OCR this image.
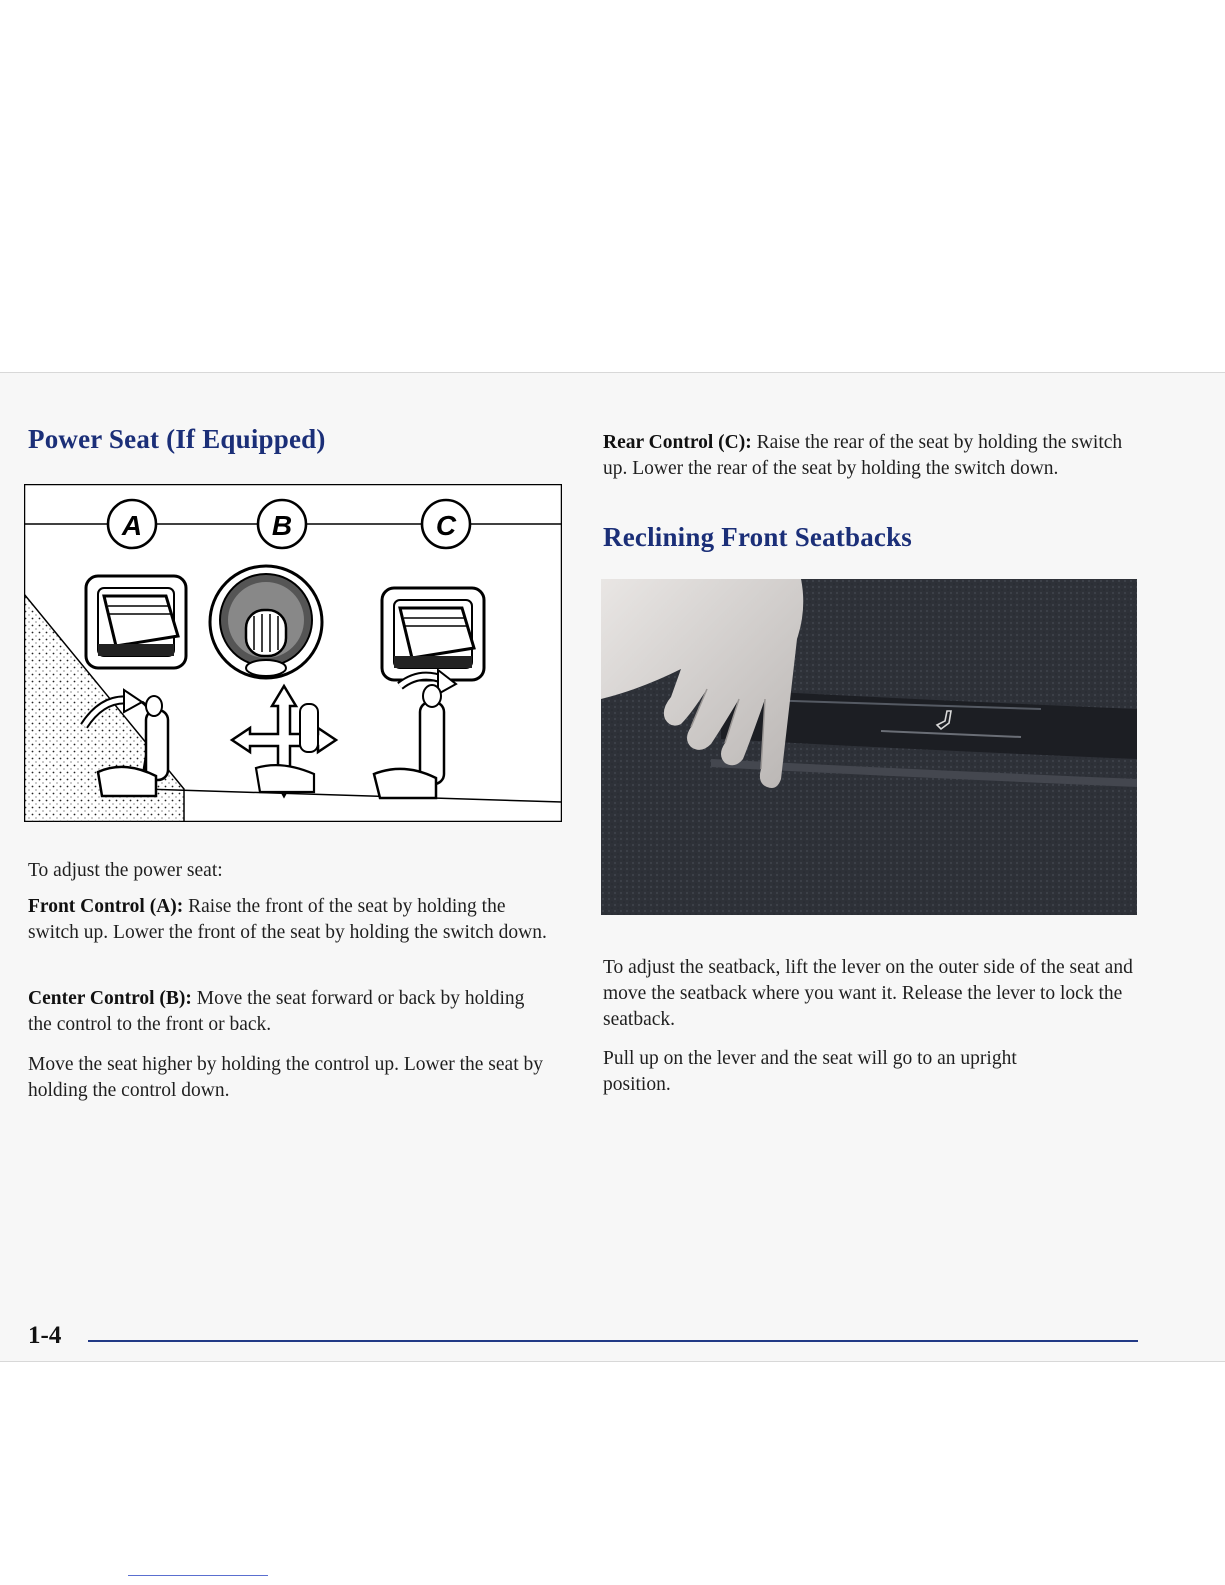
Power Seat (If Equipped)
A	B	C

To adjust the power seat:

Front Control (A): Raise the front of the seat by holding the switch up. Lower the front of the seat by holding the switch down.

Center Control (B): Move the seat forward or back by holding the control to the front or back.

Move the seat higher by holding the control up. Lower the seat by holding the control down.

Rear Control (C): Raise the rear of the seat by holding the switch up. Lower the rear of the seat by holding the switch down.

Reclining Front Seatbacks

To adjust the seatback, lift the lever on the outer side of the seat and move the seatback where you want it. Release the lever to lock the seatback.

Pull up on the lever and the seat will go to an upright position.

1-4
